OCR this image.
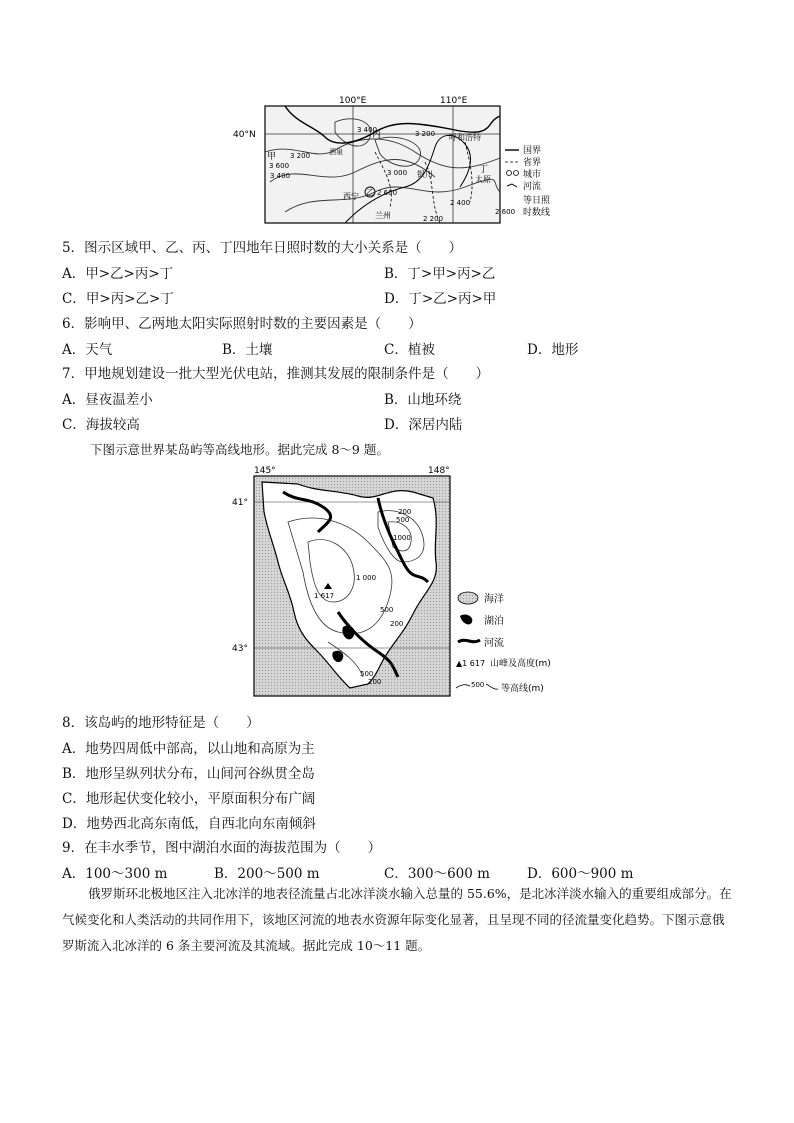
100°E	110°E
40°N
甲
丙
丁
呼和浩特
酒泉
银川
太原
西宁 乙
兰州
3 400	3 200
3 200
3 600
3 400	3 000
2 600
2 400
2 200
国界
省界
城市
河流
2 600
等日照
时数线
5．图示区域甲、乙、丙、丁四地年日照时数的大小关系是（　　）
A．甲>乙>丙>丁	B．丁>甲>丙>乙
C．甲>丙>乙>丁	D．丁>乙>丙>甲
6．影响甲、乙两地太阳实际照射时数的主要因素是（　　）
A．天气	B．土壤	C．植被	D．地形
7．甲地规划建设一批大型光伏电站，推测其发展的限制条件是（　　）
A．昼夜温差小	B．山地环绕
C．海拔较高	D．深居内陆
下图示意世界某岛屿等高线地形。据此完成 8～9 题。
145°	148°
41°
43°
200
500
1000
1 000
1 617
500
200
500
200
海洋
湖泊
河流
▲1 617 山峰及高度(m)
500 等高线(m)
8．该岛屿的地形特征是（　　）
A．地势四周低中部高，以山地和高原为主
B．地形呈纵列状分布，山间河谷纵贯全岛
C．地形起伏变化较小，平原面积分布广阔
D．地势西北高东南低，自西北向东南倾斜
9．在丰水季节，图中湖泊水面的海拔范围为（　　）
A．100～300 m	B．200～500 m	C．300～600 m	D．600～900 m
俄罗斯环北极地区注入北冰洋的地表径流量占北冰洋淡水输入总量的 55.6%，是北冰洋淡水输入的重要组成部分。在气候变化和人类活动的共同作用下，该地区河流的地表水资源年际变化显著，且呈现不同的径流量变化趋势。下图示意俄罗斯流入北冰洋的 6 条主要河流及其流域。据此完成 10～11 题。
